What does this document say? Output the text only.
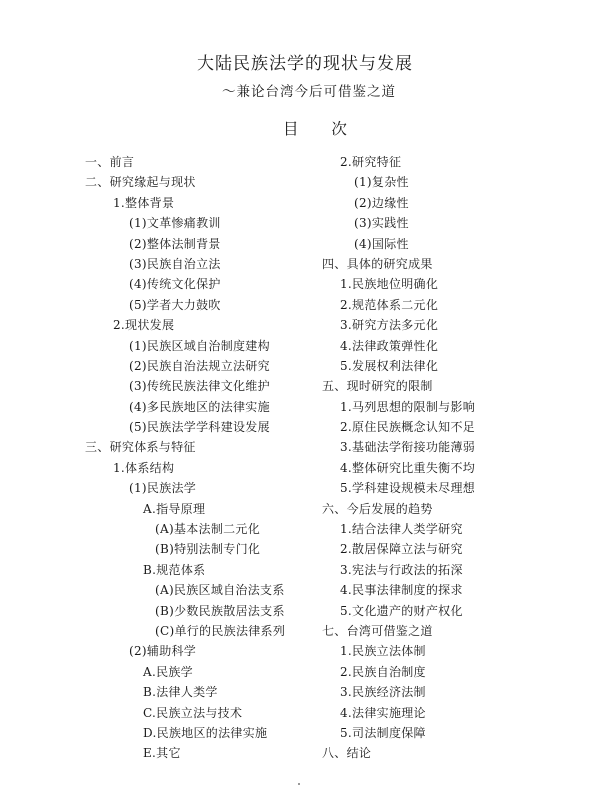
大陆民族法学的现状与发展
～兼论台湾今后可借鉴之道
目 次
一、前言
二、研究缘起与现状
1.整体背景
(1)文革惨痛教训
(2)整体法制背景
(3)民族自治立法
(4)传统文化保护
(5)学者大力鼓吹
2.现状发展
(1)民族区域自治制度建构
(2)民族自治法规立法研究
(3)传统民族法律文化维护
(4)多民族地区的法律实施
(5)民族法学学科建设发展
三、研究体系与特征
1.体系结构
(1)民族法学
A.指导原理
(A)基本法制二元化
(B)特别法制专门化
B.规范体系
(A)民族区域自治法支系
(B)少数民族散居法支系
(C)单行的民族法律系列
(2)辅助科学
A.民族学
B.法律人类学
C.民族立法与技术
D.民族地区的法律实施
E.其它
2.研究特征
(1)复杂性
(2)边缘性
(3)实践性
(4)国际性
四、具体的研究成果
1.民族地位明确化
2.规范体系二元化
3.研究方法多元化
4.法律政策弹性化
5.发展权利法律化
五、现时研究的限制
1.马列思想的限制与影响
2.原住民族概念认知不足
3.基础法学衔接功能薄弱
4.整体研究比重失衡不均
5.学科建设规模未尽理想
六、今后发展的趋势
1.结合法律人类学研究
2.散居保障立法与研究
3.宪法与行政法的拓深
4.民事法律制度的探求
5.文化遗产的财产权化
七、台湾可借鉴之道
1.民族立法体制
2.民族自治制度
3.民族经济法制
4.法律实施理论
5.司法制度保障
八、结论
